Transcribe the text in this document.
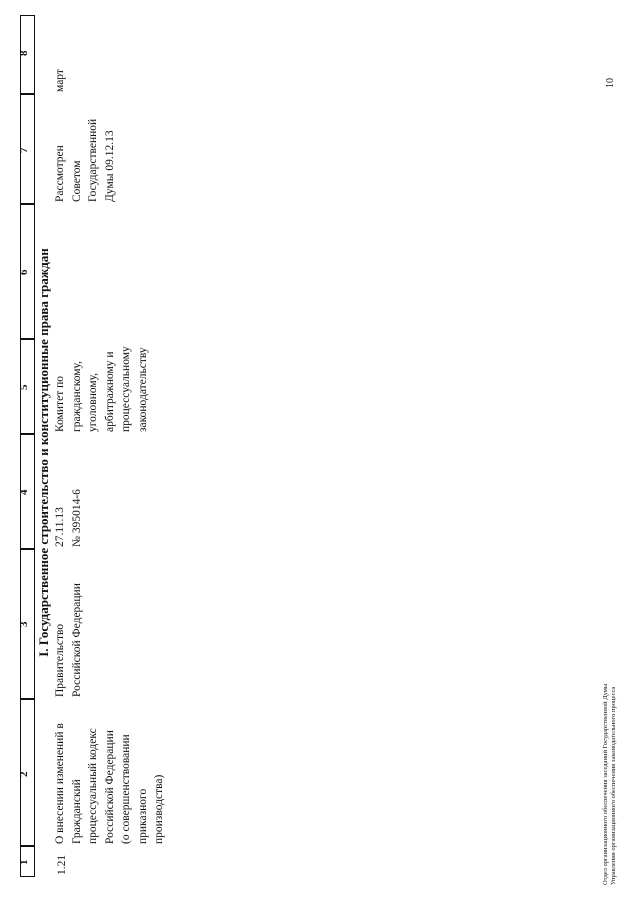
1
2
3
4
5
6
7
8
I. Государственное строительство и конституционные права граждан
1.21
О внесении изменений в Гражданский процессуальный кодекс Российской Федерации (о совершенствовании приказного производства)
Правительство Российской Федерации
27.11.13 № 395014-6
Комитет по гражданскому, уголовному, арбитражному и процессуальному законодательству
Рассмотрен Советом Государственной Думы 09.12.13
март
Отдел организационного обеспечения заседаний Государственной Думы Управления организационного обеспечения законодательного процесса
10
